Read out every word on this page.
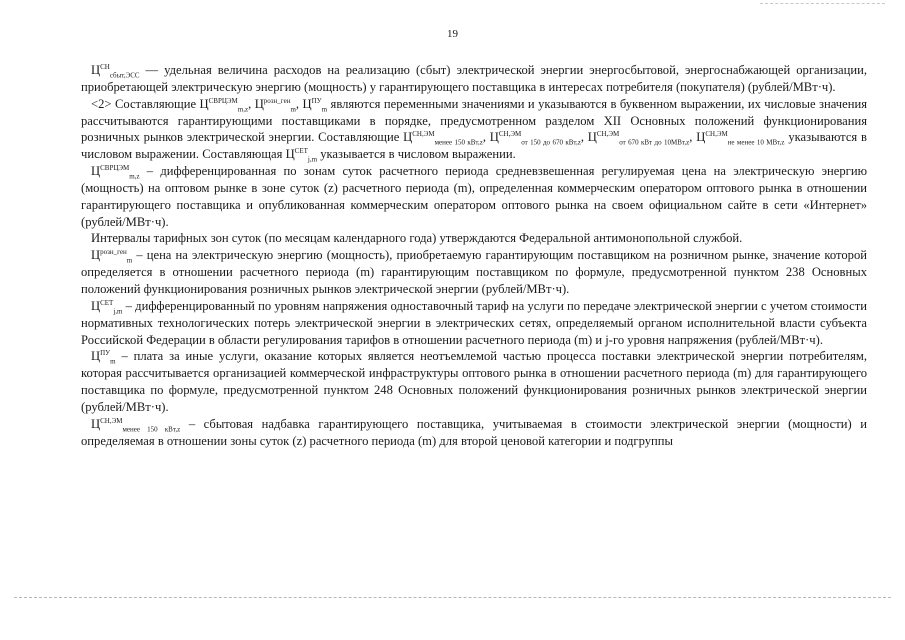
19

$Ц^{СН}_{сбыт,ЭСС}$ — удельная величина расходов на реализацию (сбыт) электрической энергии энергосбытовой, энергоснабжающей организации, приобретающей электрическую энергию (мощность) у гарантирующего поставщика в интересах потребителя (покупателя) (рублей/МВт·ч).

<2> Составляющие $Ц^{СВРЦЭМ}_{m,z}$, $Ц^{розн\_ген}_m$, $Ц^{ПУ}_m$ являются переменными значениями и указываются в буквенном выражении, их числовые значения рассчитываются гарантирующими поставщиками в порядке, предусмотренном разделом XII Основных положений функционирования розничных рынков электрической энергии. Составляющие $Ц^{СН,ЭМ}_{менее 150 кВт,z}$, $Ц^{СН,ЭМ}_{от 150 до 670 кВт,z}$, $Ц^{СН,ЭМ}_{от 670 кВт до 10МВт,z}$, $Ц^{СН,ЭМ}_{не менее 10 МВт,z}$ указываются в числовом выражении. Составляющая $Ц^{СЕТ}_{j,m}$ указывается в числовом выражении.

$Ц^{СВРЦЭМ}_{m,z}$ – дифференцированная по зонам суток расчетного периода средневзвешенная регулируемая цена на электрическую энергию (мощность) на оптовом рынке в зоне суток (z) расчетного периода (m), определенная коммерческим оператором оптового рынка в отношении гарантирующего поставщика и опубликованная коммерческим оператором оптового рынка на своем официальном сайте в сети «Интернет» (рублей/МВт·ч).

Интервалы тарифных зон суток (по месяцам календарного года) утверждаются Федеральной антимонопольной службой.

$Ц^{розн\_ген}_m$ – цена на электрическую энергию (мощность), приобретаемую гарантирующим поставщиком на розничном рынке, значение которой определяется в отношении расчетного периода (m) гарантирующим поставщиком по формуле, предусмотренной пунктом 238 Основных положений функционирования розничных рынков электрической энергии (рублей/МВт·ч).

$Ц^{СЕТ}_{j,m}$ – дифференцированный по уровням напряжения одноставочный тариф на услуги по передаче электрической энергии с учетом стоимости нормативных технологических потерь электрической энергии в электрических сетях, определяемый органом исполнительной власти субъекта Российской Федерации в области регулирования тарифов в отношении расчетного периода (m) и j-го уровня напряжения (рублей/МВт·ч).

$Ц^{ПУ}_m$ – плата за иные услуги, оказание которых является неотъемлемой частью процесса поставки электрической энергии потребителям, которая рассчитывается организацией коммерческой инфраструктуры оптового рынка в отношении расчетного периода (m) для гарантирующего поставщика по формуле, предусмотренной пунктом 248 Основных положений функционирования розничных рынков электрической энергии (рублей/МВт·ч).

$Ц^{СН,ЭМ}_{менее 150 кВт,z}$ – сбытовая надбавка гарантирующего поставщика, учитываемая в стоимости электрической энергии (мощности) и определяемая в отношении зоны суток (z) расчетного периода (m) для второй ценовой категории и подгруппы
